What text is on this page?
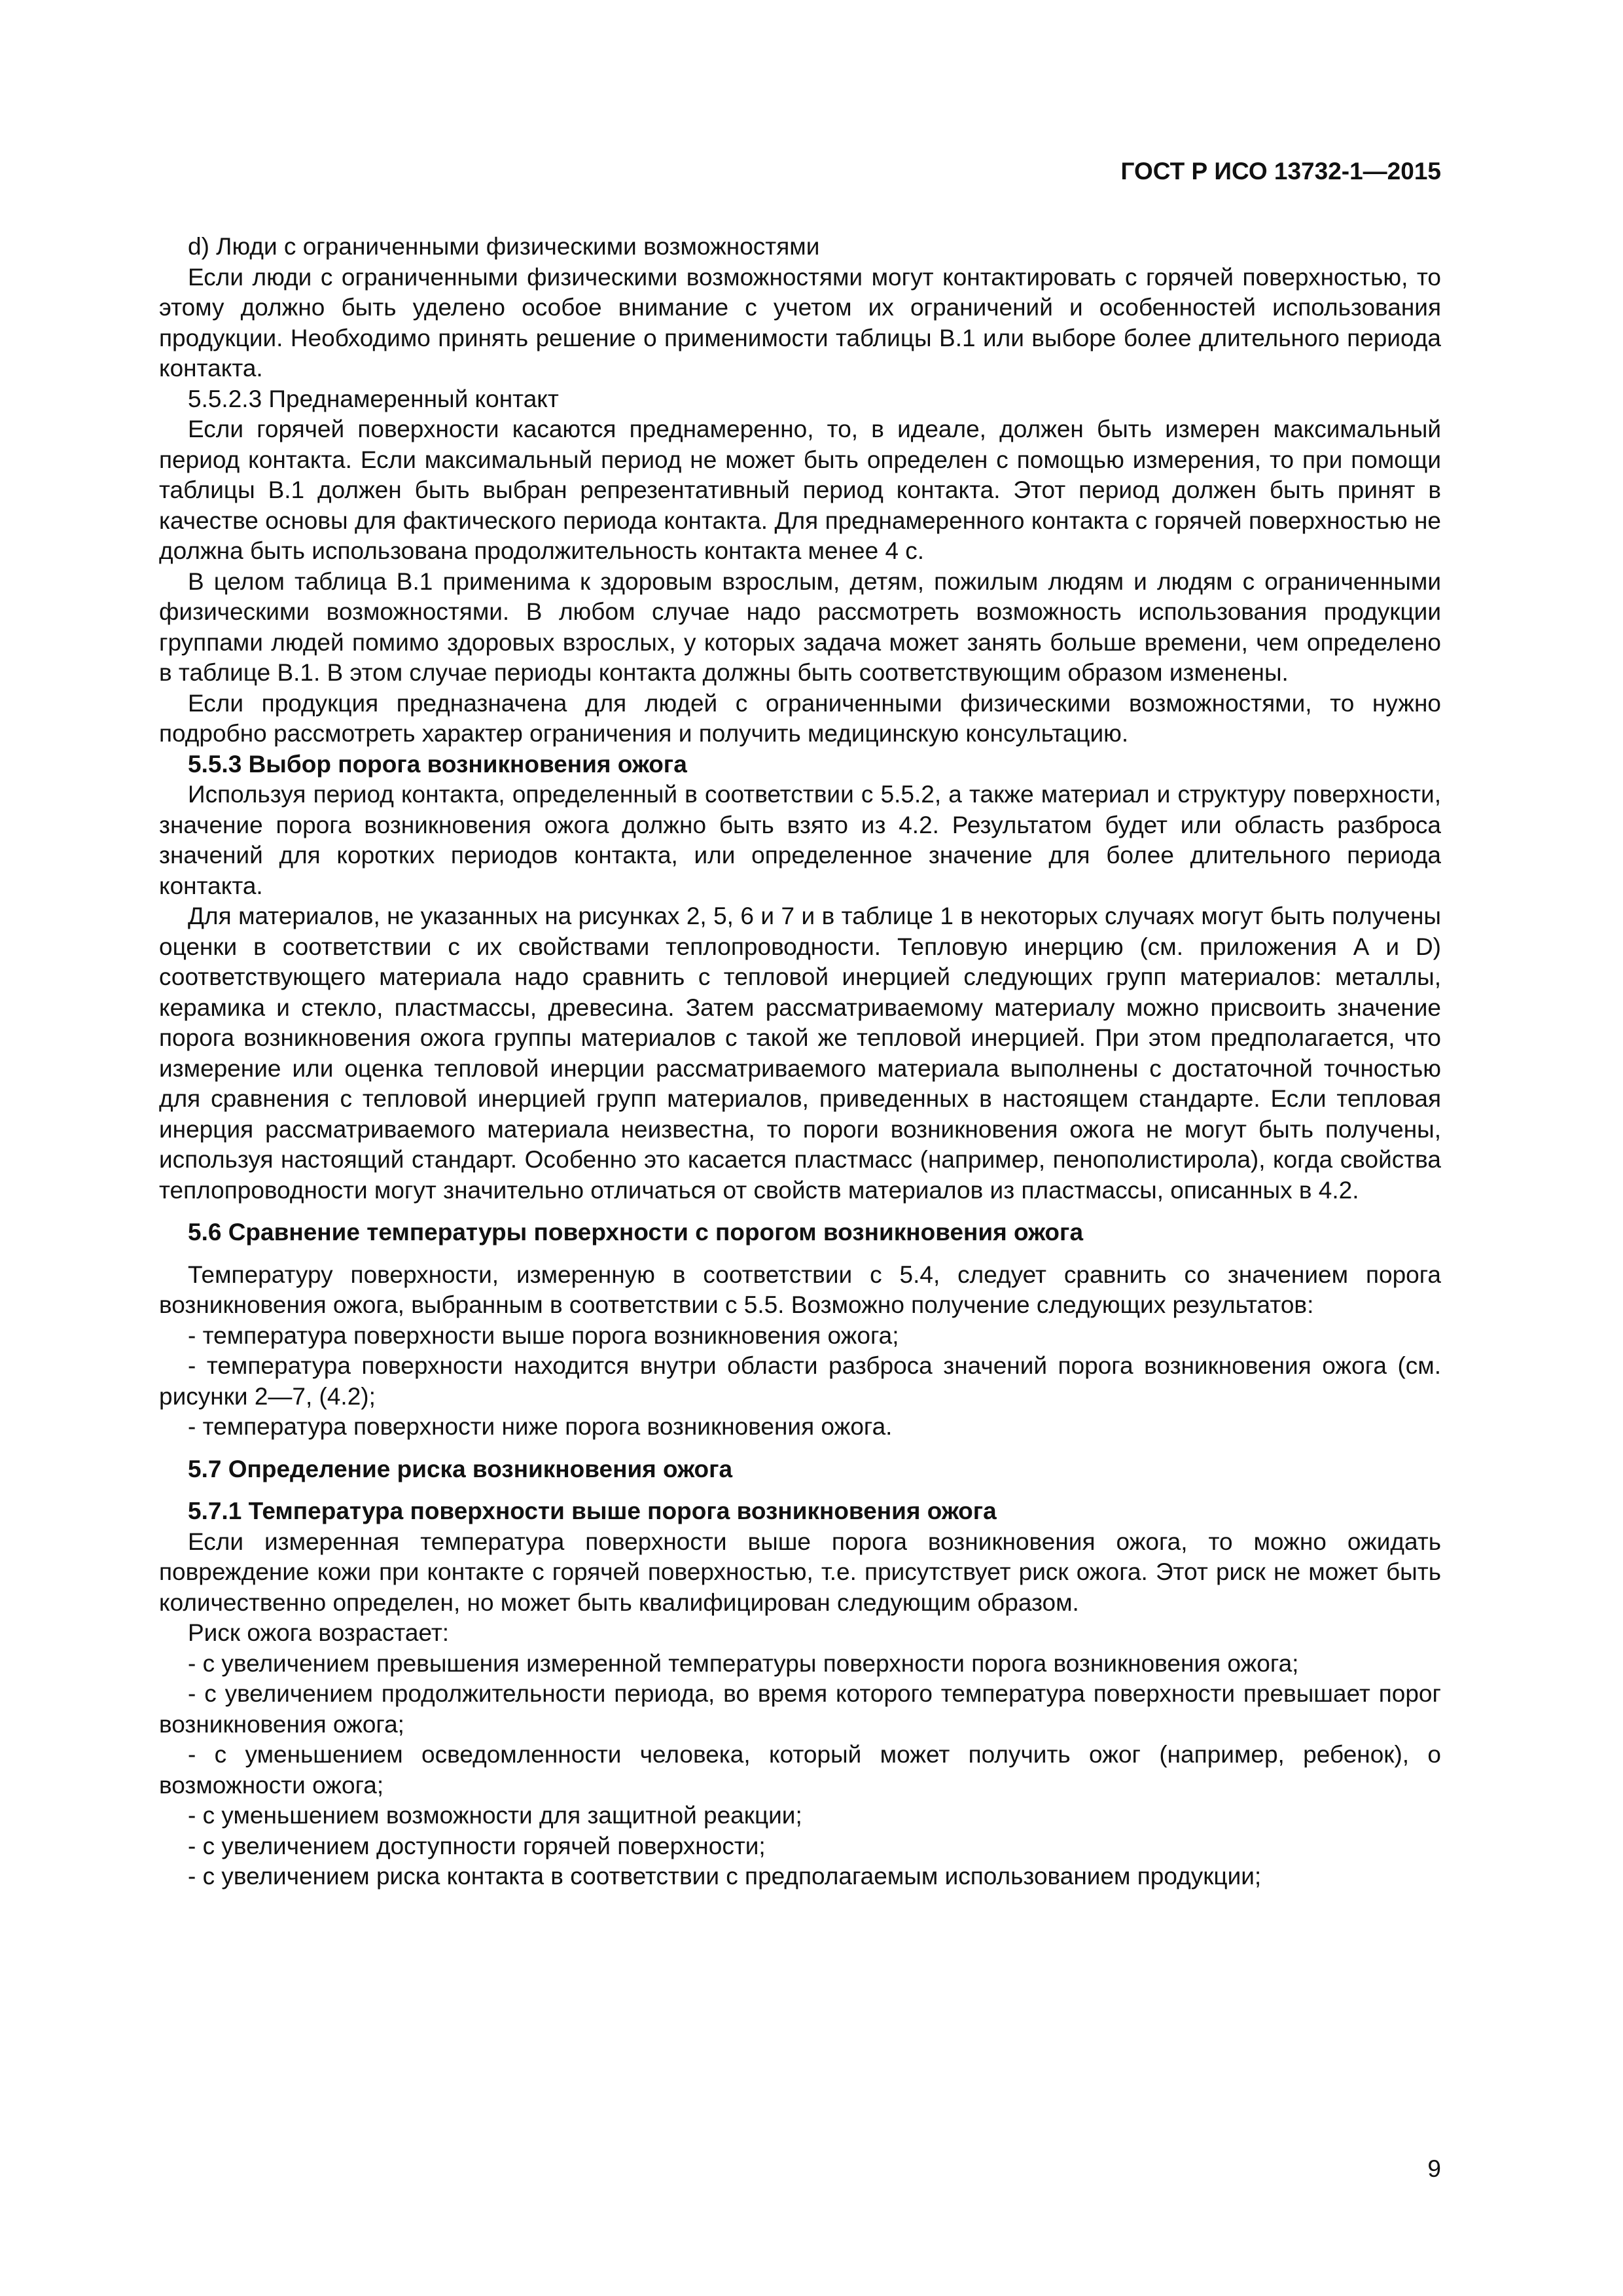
ГОСТ Р ИСО 13732-1—2015

d) Люди с ограниченными физическими возможностями

Если люди с ограниченными физическими возможностями могут контактировать с горячей поверхностью, то этому должно быть уделено особое внимание с учетом их ограничений и особенностей использования продукции. Необходимо принять решение о применимости таблицы B.1 или выборе более длительного периода контакта.

5.5.2.3 Преднамеренный контакт

Если горячей поверхности касаются преднамеренно, то, в идеале, должен быть измерен максимальный период контакта. Если максимальный период не может быть определен с помощью измерения, то при помощи таблицы B.1 должен быть выбран репрезентативный период контакта. Этот период должен быть принят в качестве основы для фактического периода контакта. Для преднамеренного контакта с горячей поверхностью не должна быть использована продолжительность контакта менее 4 с.

В целом таблица B.1 применима к здоровым взрослым, детям, пожилым людям и людям с ограниченными физическими возможностями. В любом случае надо рассмотреть возможность использования продукции группами людей помимо здоровых взрослых, у которых задача может занять больше времени, чем определено в таблице B.1. В этом случае периоды контакта должны быть соответствующим образом изменены.

Если продукция предназначена для людей с ограниченными физическими возможностями, то нужно подробно рассмотреть характер ограничения и получить медицинскую консультацию.

5.5.3 Выбор порога возникновения ожога

Используя период контакта, определенный в соответствии с 5.5.2, а также материал и структуру поверхности, значение порога возникновения ожога должно быть взято из 4.2. Результатом будет или область разброса значений для коротких периодов контакта, или определенное значение для более длительного периода контакта.

Для материалов, не указанных на рисунках 2, 5, 6 и 7 и в таблице 1 в некоторых случаях могут быть получены оценки в соответствии с их свойствами теплопроводности. Тепловую инерцию (см. приложения А и D) соответствующего материала надо сравнить с тепловой инерцией следующих групп материалов: металлы, керамика и стекло, пластмассы, древесина. Затем рассматриваемому материалу можно присвоить значение порога возникновения ожога группы материалов с такой же тепловой инерцией. При этом предполагается, что измерение или оценка тепловой инерции рассматриваемого материала выполнены с достаточной точностью для сравнения с тепловой инерцией групп материалов, приведенных в настоящем стандарте. Если тепловая инерция рассматриваемого материала неизвестна, то пороги возникновения ожога не могут быть получены, используя настоящий стандарт. Особенно это касается пластмасс (например, пенополистирола), когда свойства теплопроводности могут значительно отличаться от свойств материалов из пластмассы, описанных в 4.2.

5.6 Сравнение температуры поверхности с порогом возникновения ожога

Температуру поверхности, измеренную в соответствии с 5.4, следует сравнить со значением порога возникновения ожога, выбранным в соответствии с 5.5. Возможно получение следующих результатов:

- температура поверхности выше порога возникновения ожога;

- температура поверхности находится внутри области разброса значений порога возникновения ожога (см. рисунки 2—7, (4.2);

- температура поверхности ниже порога возникновения ожога.

5.7 Определение риска возникновения ожога

5.7.1 Температура поверхности выше порога возникновения ожога

Если измеренная температура поверхности выше порога возникновения ожога, то можно ожидать повреждение кожи при контакте с горячей поверхностью, т.е. присутствует риск ожога. Этот риск не может быть количественно определен, но может быть квалифицирован следующим образом.

Риск ожога возрастает:

- с увеличением превышения измеренной температуры поверхности порога возникновения ожога;

- с увеличением продолжительности периода, во время которого температура поверхности превышает порог возникновения ожога;

- с уменьшением осведомленности человека, который может получить ожог (например, ребенок), о возможности ожога;

- с уменьшением возможности для защитной реакции;

- с увеличением доступности горячей поверхности;

- с увеличением риска контакта в соответствии с предполагаемым использованием продукции;

9
